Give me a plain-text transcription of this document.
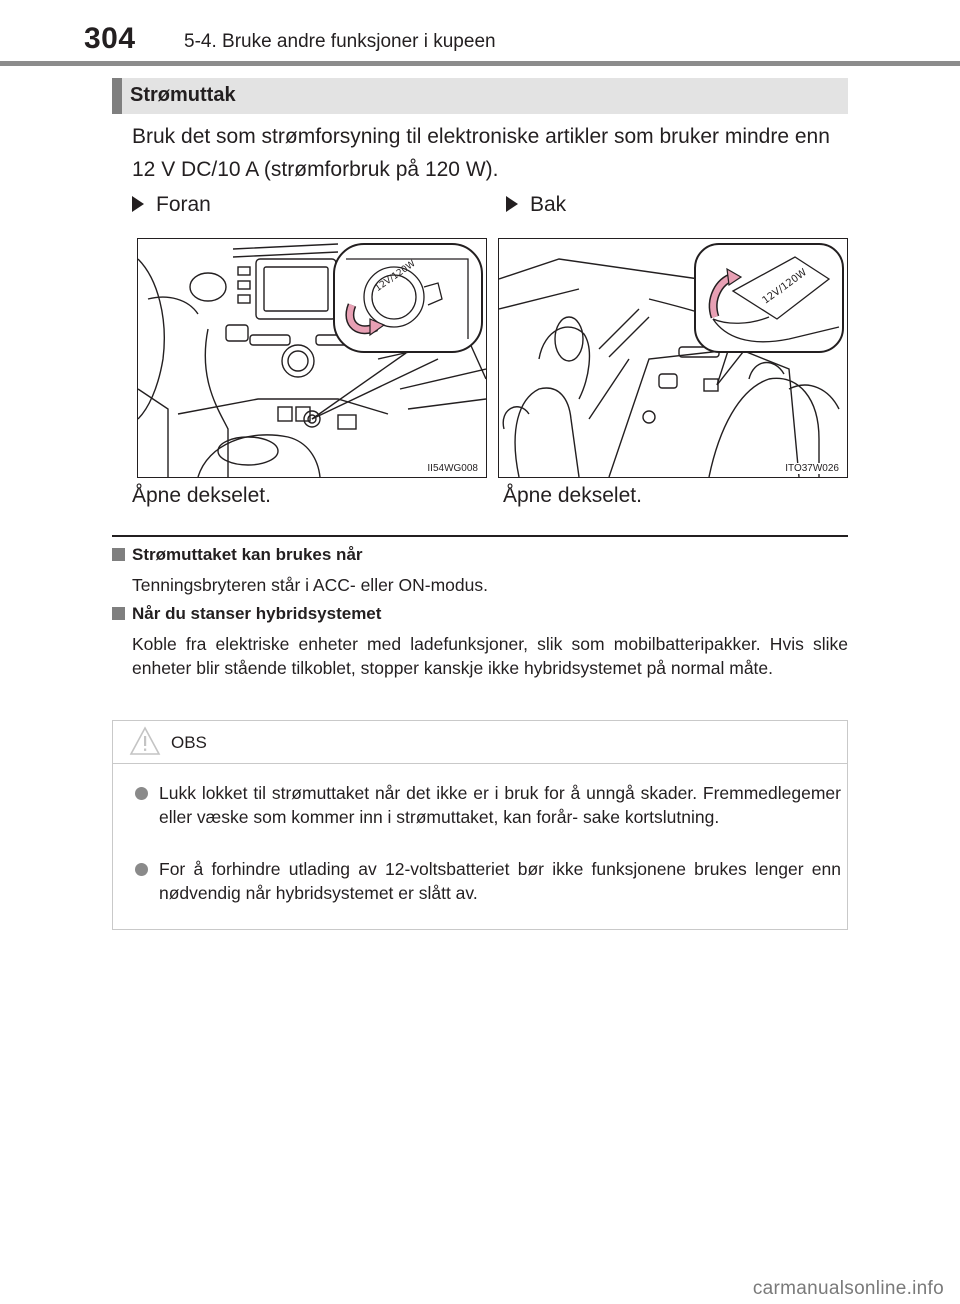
304	5-4. Bruke andre funksjoner i kupeen
Strømuttak
Bruk det som strømforsyning til elektroniske artikler som bruker mindre enn 12 V DC/10 A (strømforbruk på 120 W).
Foran	Bak
12V/120W
II54WG008
12V/120W
ITO37W026
Åpne dekselet.	Åpne dekselet.
Strømuttaket kan brukes når
Tenningsbryteren står i ACC- eller ON-modus.
Når du stanser hybridsystemet
Koble fra elektriske enheter med ladefunksjoner, slik som mobilbatteripakker. Hvis slike enheter blir stående tilkoblet, stopper kanskje ikke hybridsystemet på normal måte.
OBS
Lukk lokket til strømuttaket når det ikke er i bruk for å unngå skader. Fremmedlegemer eller væske som kommer inn i strømuttaket, kan forår- sake kortslutning.
For å forhindre utlading av 12-voltsbatteriet bør ikke funksjonene brukes lenger enn nødvendig når hybridsystemet er slått av.
carmanualsonline.info
